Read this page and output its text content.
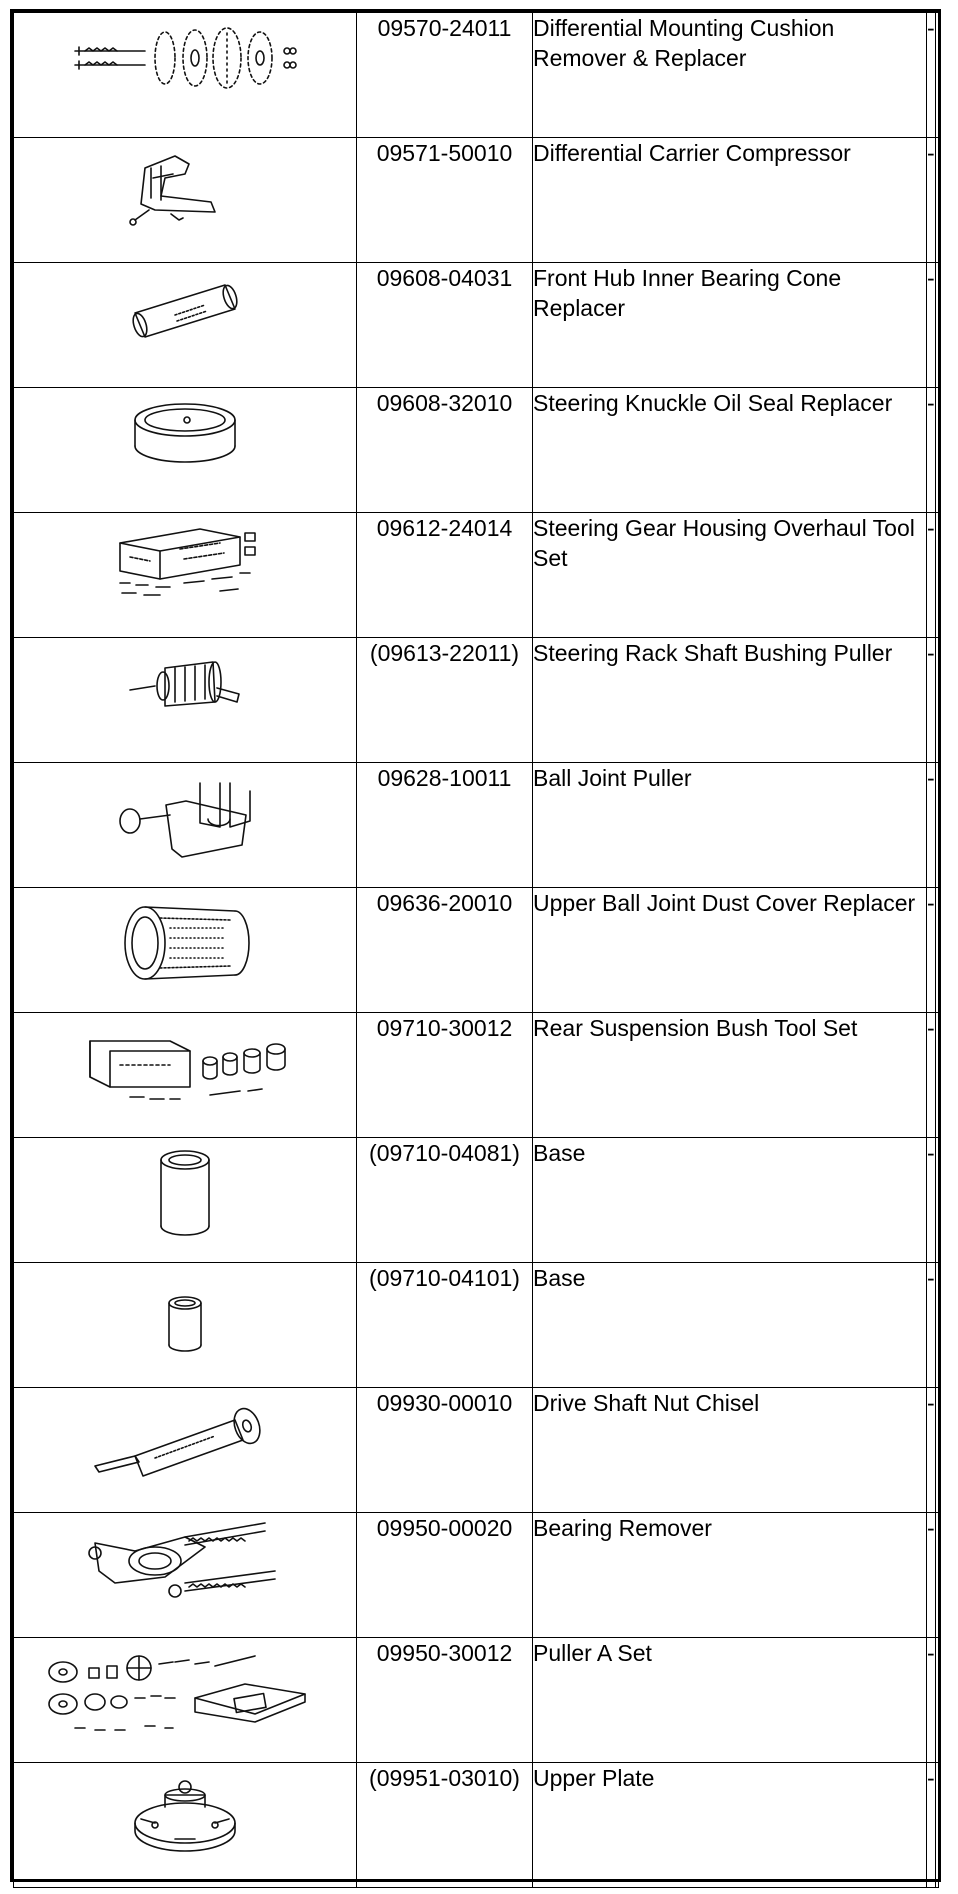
	09570-24011	Differential Mounting Cushion Remover & Replacer	-	

	09571-50010	Differential Carrier Compressor	-	

	09608-04031	Front Hub Inner Bearing Cone Replacer	-	

	09608-32010	Steering Knuckle Oil Seal Replacer	-	

	09612-24014	Steering Gear Housing Overhaul Tool Set	-	

	(09613-22011)	Steering Rack Shaft Bushing Puller	-	

	09628-10011	Ball Joint Puller	-	

	09636-20010	Upper Ball Joint Dust Cover Replacer	-	

	09710-30012	Rear Suspension Bush Tool Set	-	

	(09710-04081)	Base	-	

	(09710-04101)	Base	-	

	09930-00010	Drive Shaft Nut Chisel	-	

	09950-00020	Bearing Remover	-	

	09950-30012	Puller A Set	-	

	(09951-03010)	Upper Plate	-	
